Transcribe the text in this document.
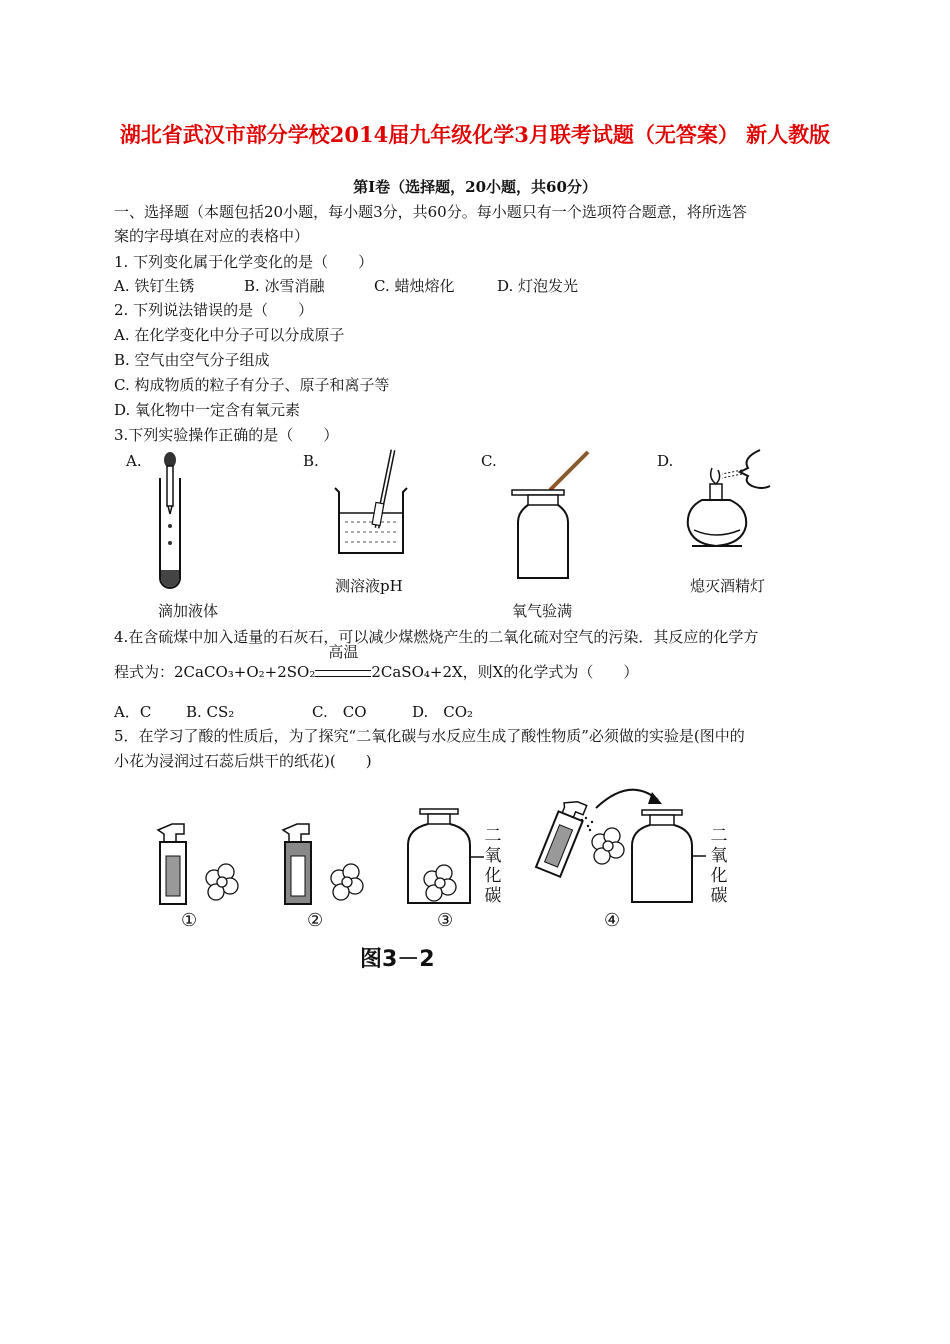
湖北省武汉市部分学校2014届九年级化学3月联考试题（无答案） 新人教版
第Ⅰ卷（选择题，20小题，共60分）
一、选择题（本题包括20小题，每小题3分，共60分。每小题只有一个选项符合题意，将所选答
案的字母填在对应的表格中）
1. 下列变化属于化学变化的是（　　）
A. 铁钉生锈	B. 冰雪消融	C. 蜡烛熔化	D. 灯泡发光
2. 下列说法错误的是（　　）
A. 在化学变化中分子可以分成原子
B. 空气由空气分子组成
C. 构成物质的粒子有分子、原子和离子等
D. 氧化物中一定含有氧元素
3.下列实验操作正确的是（　　）
A.	B.	C.	D.
测溶液pH	熄灭酒精灯
滴加液体	氧气验满
4.在含硫煤中加入适量的石灰石，可以减少煤燃烧产生的二氧化硫对空气的污染．其反应的化学方
程式为：2CaCO₃+O₂+2SO₂
高温
2CaSO₄+2X，则X的化学式为（　　）
A．C B. CS₂	C.　CO	D.　CO₂
5．在学习了酸的性质后，为了探究“二氧化碳与水反应生成了酸性物质”必须做的实验是(图中的
小花为浸润过石蕊后烘干的纸花)(　　)
二氧化碳
二氧化碳
①	②	③	④
图3－2
